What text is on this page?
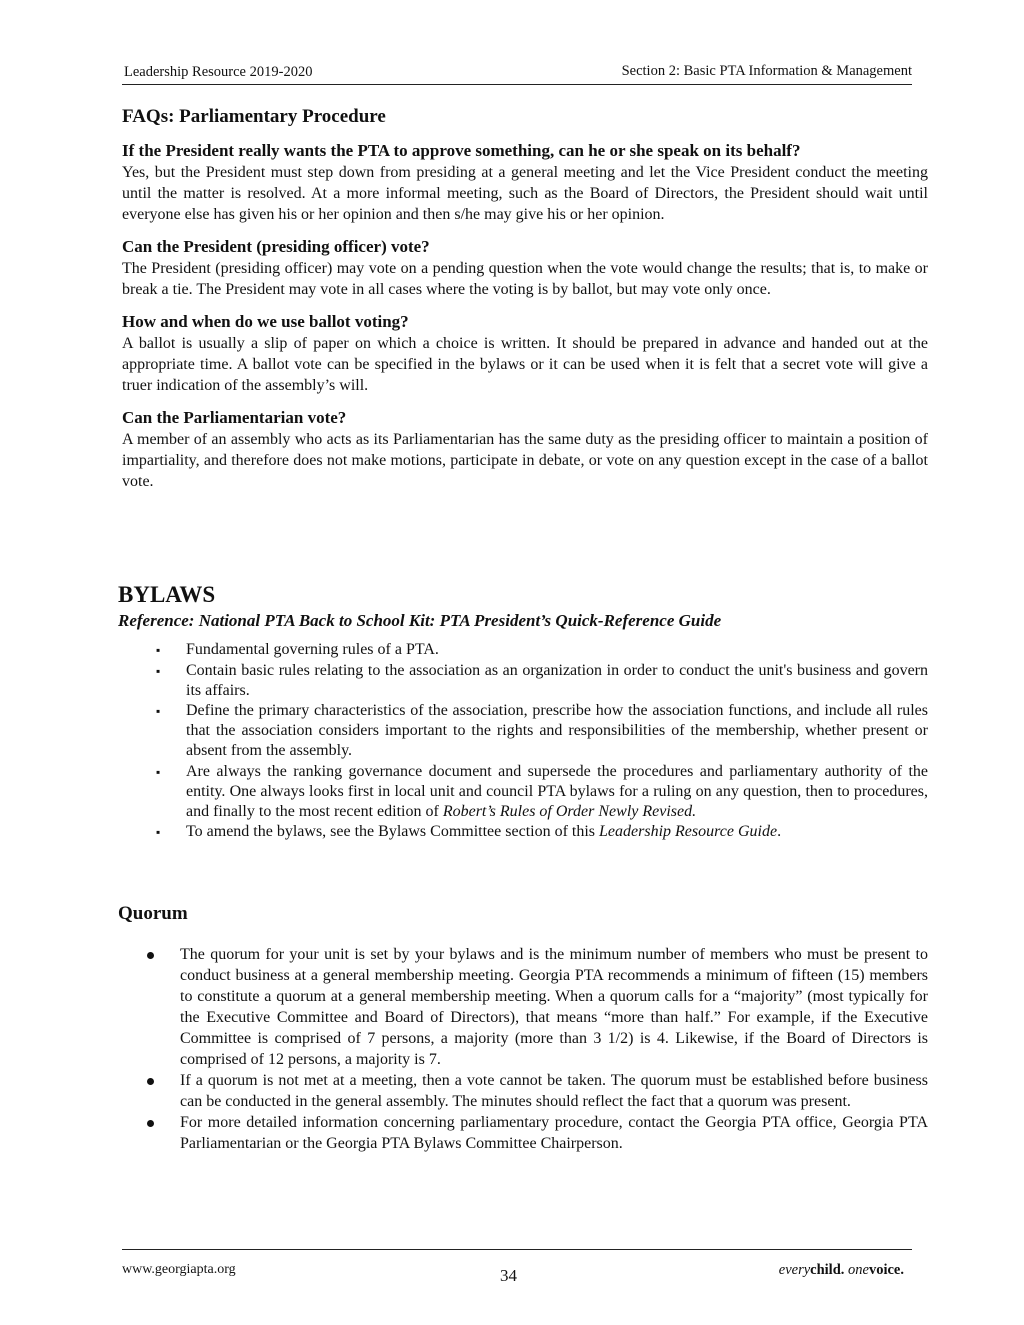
Leadership Resource 2019-2020	Section 2: Basic PTA Information & Management
FAQs: Parliamentary Procedure

If the President really wants the PTA to approve something, can he or she speak on its behalf?

Yes, but the President must step down from presiding at a general meeting and let the Vice President conduct the meeting until the matter is resolved. At a more informal meeting, such as the Board of Directors, the President should wait until everyone else has given his or her opinion and then s/he may give his or her opinion.

Can the President (presiding officer) vote?

The President (presiding officer) may vote on a pending question when the vote would change the results; that is, to make or break a tie. The President may vote in all cases where the voting is by ballot, but may vote only once.

How and when do we use ballot voting?

A ballot is usually a slip of paper on which a choice is written. It should be prepared in advance and handed out at the appropriate time. A ballot vote can be specified in the bylaws or it can be used when it is felt that a secret vote will give a truer indication of the assembly’s will.

Can the Parliamentarian vote?

A member of an assembly who acts as its Parliamentarian has the same duty as the presiding officer to maintain a position of impartiality, and therefore does not make motions, participate in debate, or vote on any question except in the case of a ballot vote.

BYLAWS

Reference: National PTA Back to School Kit: PTA President’s Quick-Reference Guide

▪ Fundamental governing rules of a PTA.
▪ Contain basic rules relating to the association as an organization in order to conduct the unit's business and govern its affairs.
▪ Define the primary characteristics of the association, prescribe how the association functions, and include all rules that the association considers important to the rights and responsibilities of the membership, whether present or absent from the assembly.
▪ Are always the ranking governance document and supersede the procedures and parliamentary authority of the entity. One always looks first in local unit and council PTA bylaws for a ruling on any question, then to procedures, and finally to the most recent edition of Robert’s Rules of Order Newly Revised.
▪ To amend the bylaws, see the Bylaws Committee section of this Leadership Resource Guide.
Quorum
The quorum for your unit is set by your bylaws and is the minimum number of members who must be present to conduct business at a general membership meeting. Georgia PTA recommends a minimum of fifteen (15) members to constitute a quorum at a general membership meeting. When a quorum calls for a “majority” (most typically for the Executive Committee and Board of Directors), that means “more than half.” For example, if the Executive Committee is comprised of 7 persons, a majority (more than 3 1/2) is 4. Likewise, if the Board of Directors is comprised of 12 persons, a majority is 7.
If a quorum is not met at a meeting, then a vote cannot be taken. The quorum must be established before business can be conducted in the general assembly. The minutes should reflect the fact that a quorum was present.
For more detailed information concerning parliamentary procedure, contact the Georgia PTA office, Georgia PTA Parliamentarian or the Georgia PTA Bylaws Committee Chairperson.
www.georgiapta.org	34	everychild. onevoice.
